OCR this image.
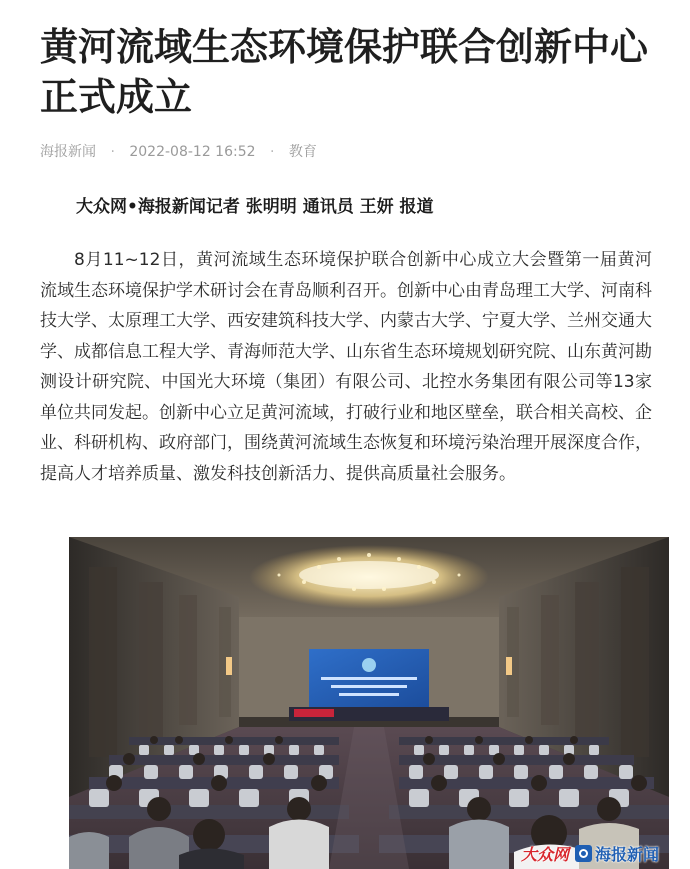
黄河流域生态环境保护联合创新中心正式成立
海报新闻 · 2022-08-12 16:52 · 教育
大众网•海报新闻记者 张明明 通讯员 王妍 报道

8月11~12日，黄河流域生态环境保护联合创新中心成立大会暨第一届黄河流域生态环境保护学术研讨会在青岛顺利召开。创新中心由青岛理工大学、河南科技大学、太原理工大学、西安建筑科技大学、内蒙古大学、宁夏大学、兰州交通大学、成都信息工程大学、青海师范大学、山东省生态环境规划研究院、山东黄河勘测设计研究院、中国光大环境（集团）有限公司、北控水务集团有限公司等13家单位共同发起。创新中心立足黄河流域，打破行业和地区壁垒，联合相关高校、企业、科研机构、政府部门，围绕黄河流域生态恢复和环境污染治理开展深度合作，提高人才培养质量、激发科技创新活力、提供高质量社会服务。

大众网 海报新闻
